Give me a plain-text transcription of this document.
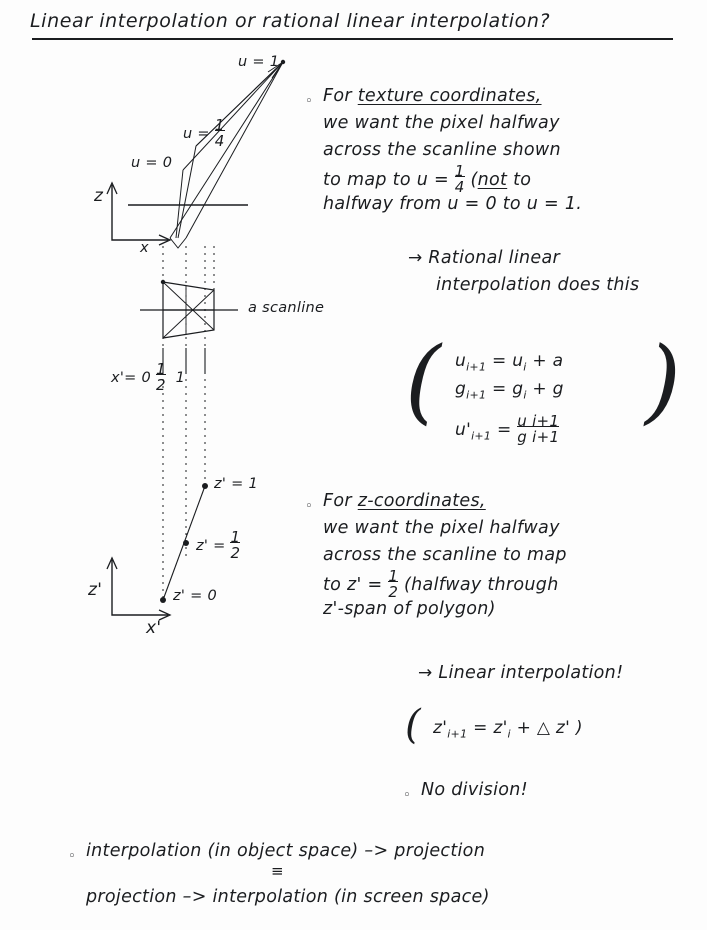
Linear interpolation or rational linear interpolation?
u = 1
u = 1
4
u = 0
z
x
a scanline
x'= 0 1
2  1
z' = 1
z' = 1
2
z' = 0
z'
x'
◦ For texture coordinates,
we want the pixel halfway
across the scanline shown
to map to u = 1
4 (not to
halfway from u = 0 to u = 1.
→ Rational linear
interpolation does this
( )
$u_{i+1} = u_i + a$
$g_{i+1} = g_i + g$
$u'_{i+1} = u$ i+1
g i+1
◦ For z-coordinates,
we want the pixel halfway
across the scanline to map
to z' = 1
2 (halfway through
z'-span of polygon)
→ Linear interpolation!
( $z'_{i+1} = z'_i$ + △ z' )
◦ No division!
◦ interpolation (in object space) –> projection
≡
projection –> interpolation (in screen space)
